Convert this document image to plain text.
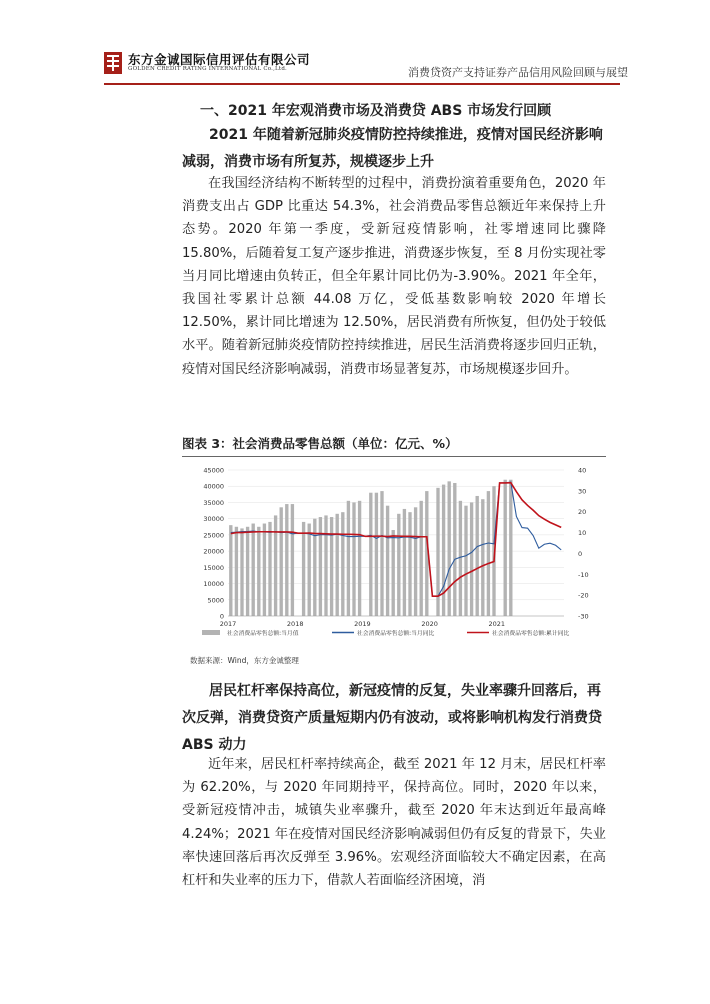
东方金诚国际信用评估有限公司
GOLDEN CREDIT RATING INTERNATIONAL Co.,Ltd.	消费贷资产支持证券产品信用风险回顾与展望
一、2021 年宏观消费市场及消费贷 ABS 市场发行回顾
2021 年随着新冠肺炎疫情防控持续推进，疫情对国民经济影响减弱，消费市场有所复苏，规模逐步上升
在我国经济结构不断转型的过程中，消费扮演着重要角色，2020 年消费支出占 GDP 比重达 54.3%，社会消费品零售总额近年来保持上升态势。2020 年第一季度，受新冠疫情影响，社零增速同比骤降 15.80%，后随着复工复产逐步推进，消费逐步恢复，至 8 月份实现社零当月同比增速由负转正，但全年累计同比仍为-3.90%。2021 年全年，我国社零累计总额 44.08 万亿，受低基数影响较 2020 年增长 12.50%，累计同比增速为 12.50%，居民消费有所恢复，但仍处于较低水平。随着新冠肺炎疫情防控持续推进，居民生活消费将逐步回归正轨，疫情对国民经济影响减弱，消费市场显著复苏，市场规模逐步回升。
图表 3：社会消费品零售总额（单位：亿元、%）
0
5000
10000
15000
20000
25000
30000
35000
40000
45000
-30
-20
-10
0
10
20
30
40
2017	2018	2019	2020	2021
社会消费品零售总额:当月值	社会消费品零售总额:当月同比	社会消费品零售总额:累计同比
数据来源：Wind，东方金诚整理
居民杠杆率保持高位，新冠疫情的反复，失业率骤升回落后，再次反弹，消费贷资产质量短期内仍有波动，或将影响机构发行消费贷 ABS 动力
近年来，居民杠杆率持续高企，截至 2021 年 12 月末，居民杠杆率为 62.20%，与 2020 年同期持平，保持高位。同时，2020 年以来，受新冠疫情冲击，城镇失业率骤升，截至 2020 年末达到近年最高峰 4.24%；2021 年在疫情对国民经济影响减弱但仍有反复的背景下，失业率快速回落后再次反弹至 3.96%。宏观经济面临较大不确定因素，在高杠杆和失业率的压力下，借款人若面临经济困境，消
